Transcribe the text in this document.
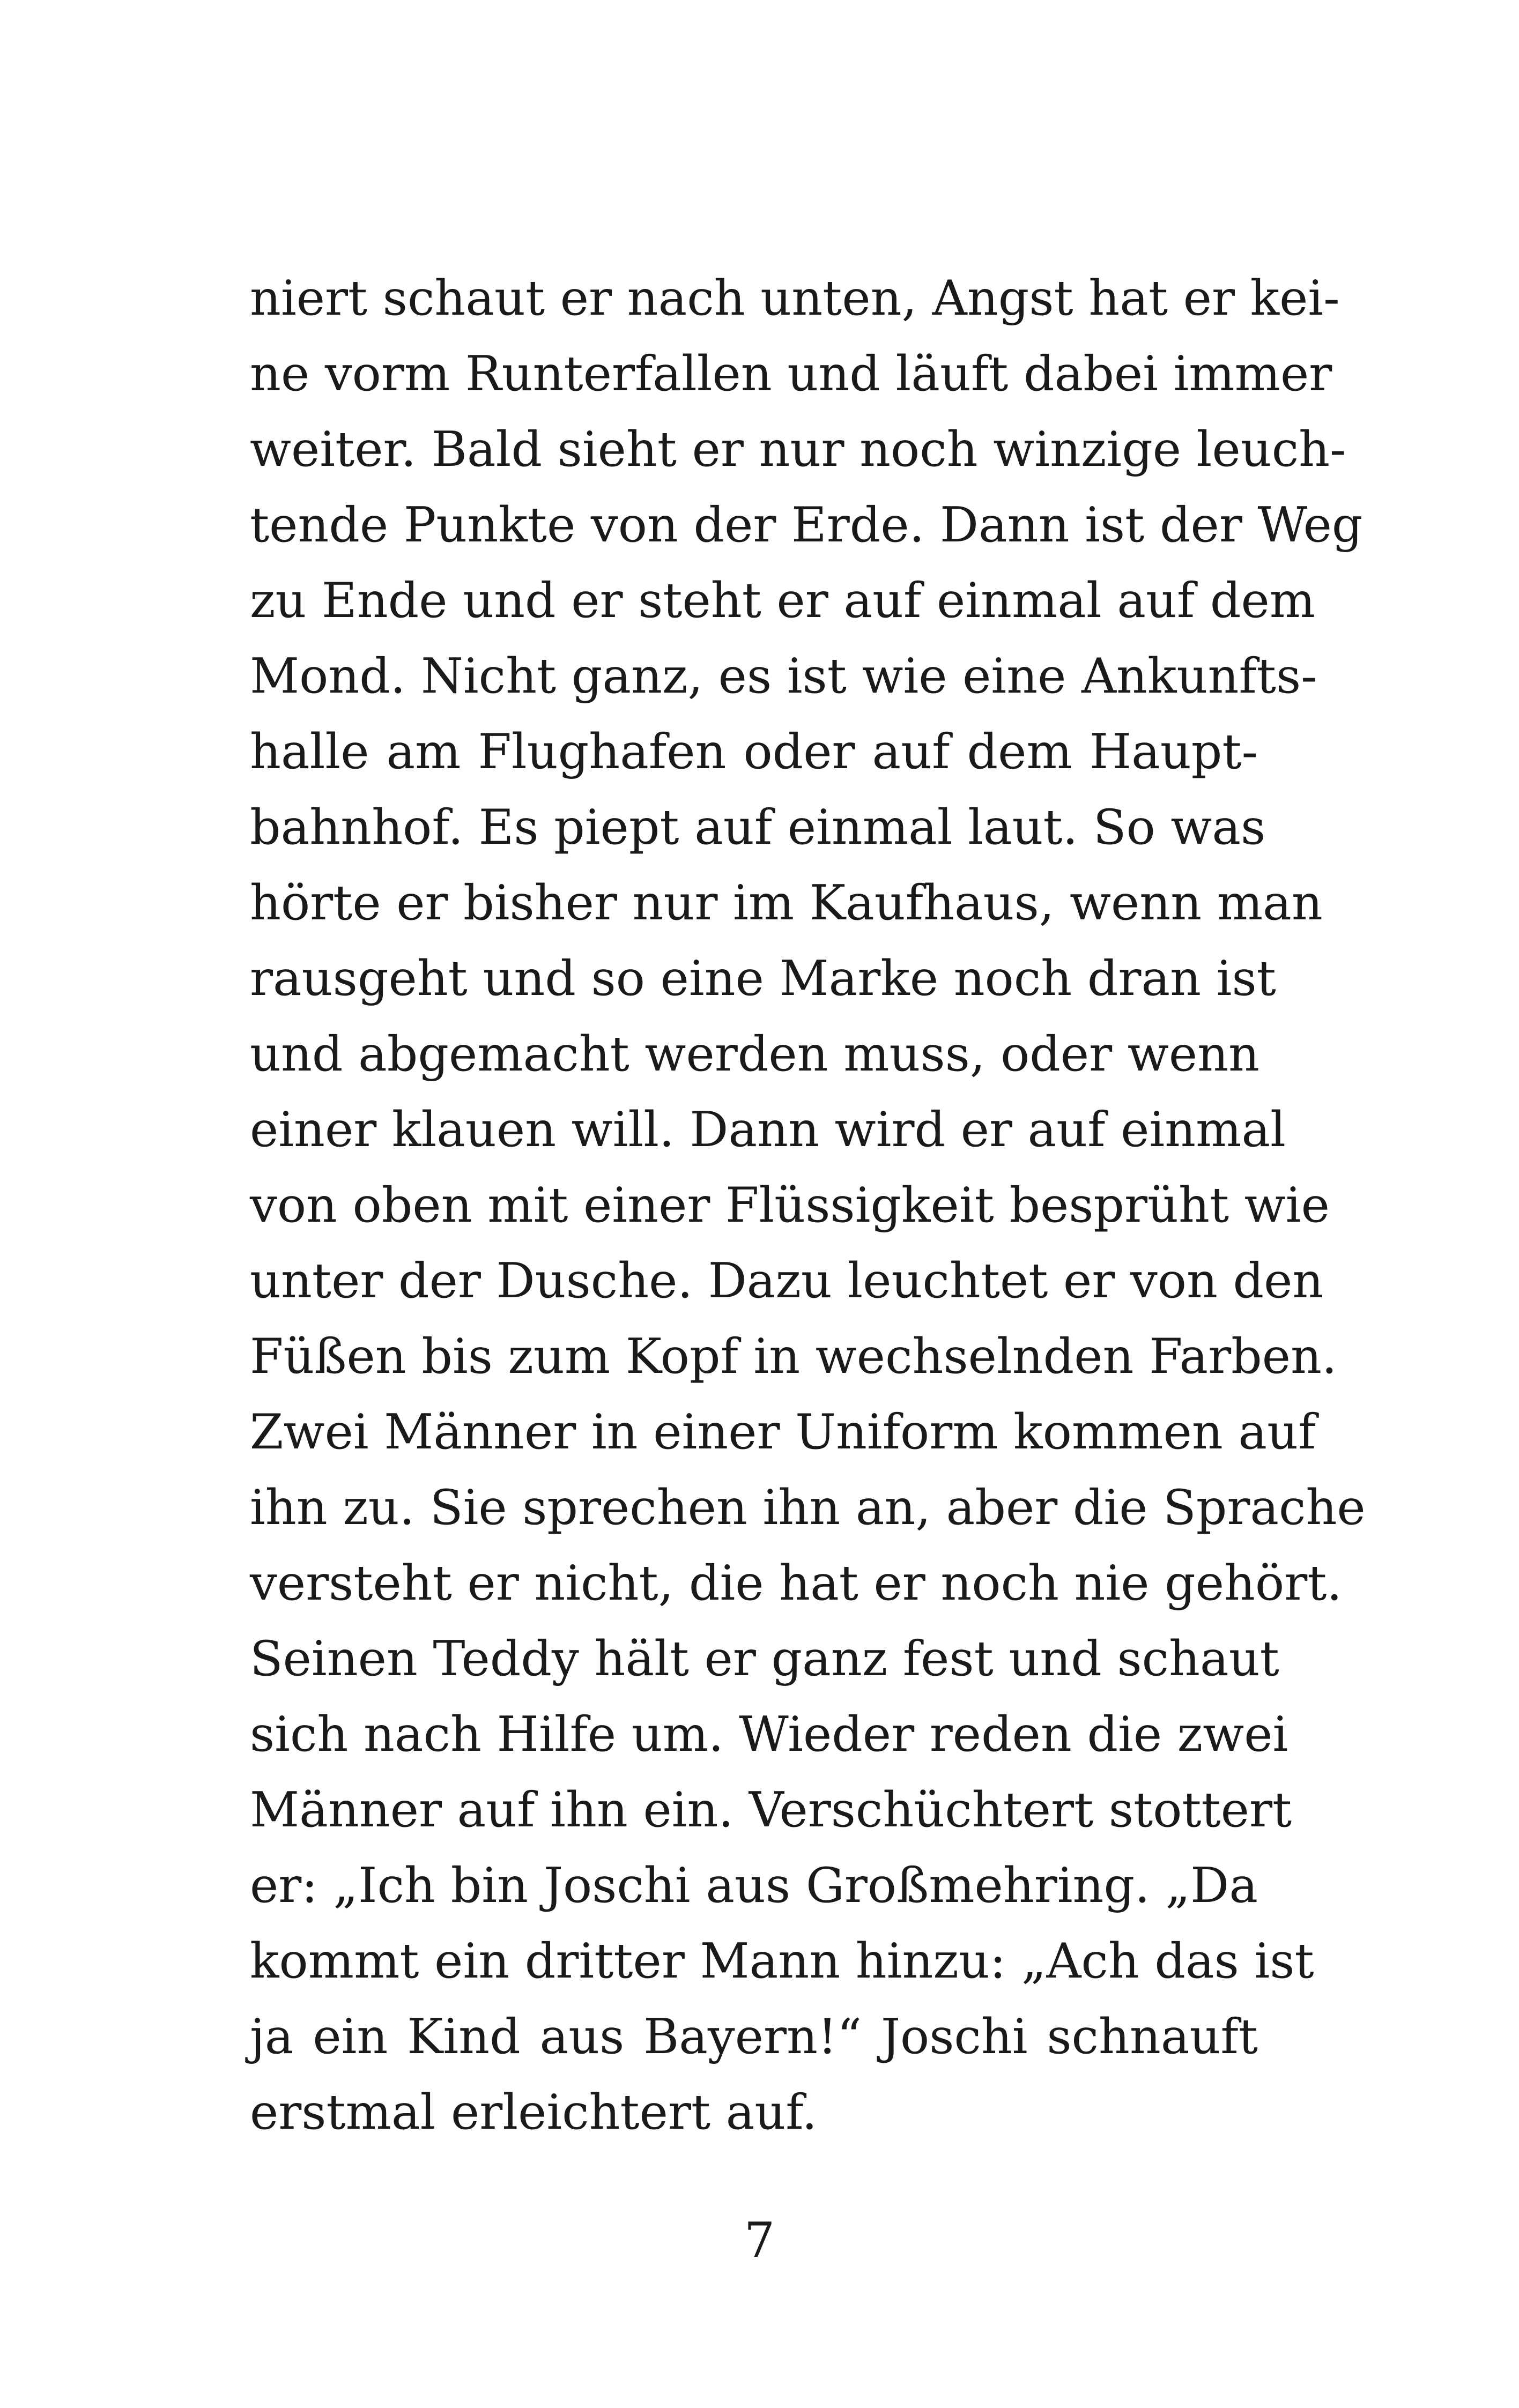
niert schaut er nach unten, Angst hat er kei-
ne vorm Runterfallen und läuft dabei immer
weiter. Bald sieht er nur noch winzige leuch-
tende Punkte von der Erde. Dann ist der Weg
zu Ende und er steht er auf einmal auf dem
Mond. Nicht ganz, es ist wie eine Ankunfts-
halle am Flughafen oder auf dem Haupt-
bahnhof. Es piept auf einmal laut. So was
hörte er bisher nur im Kaufhaus, wenn man
rausgeht und so eine Marke noch dran ist
und abgemacht werden muss, oder wenn
einer klauen will. Dann wird er auf einmal
von oben mit einer Flüssigkeit besprüht wie
unter der Dusche. Dazu leuchtet er von den
Füßen bis zum Kopf in wechselnden Farben.
Zwei Männer in einer Uniform kommen auf
ihn zu. Sie sprechen ihn an, aber die Sprache
versteht er nicht, die hat er noch nie gehört.
Seinen Teddy hält er ganz fest und schaut
sich nach Hilfe um. Wieder reden die zwei
Männer auf ihn ein. Verschüchtert stottert
er: „Ich bin Joschi aus Großmehring. „Da
kommt ein dritter Mann hinzu: „Ach das ist
ja ein Kind aus Bayern!“ Joschi schnauft
erstmal erleichtert auf.
7
